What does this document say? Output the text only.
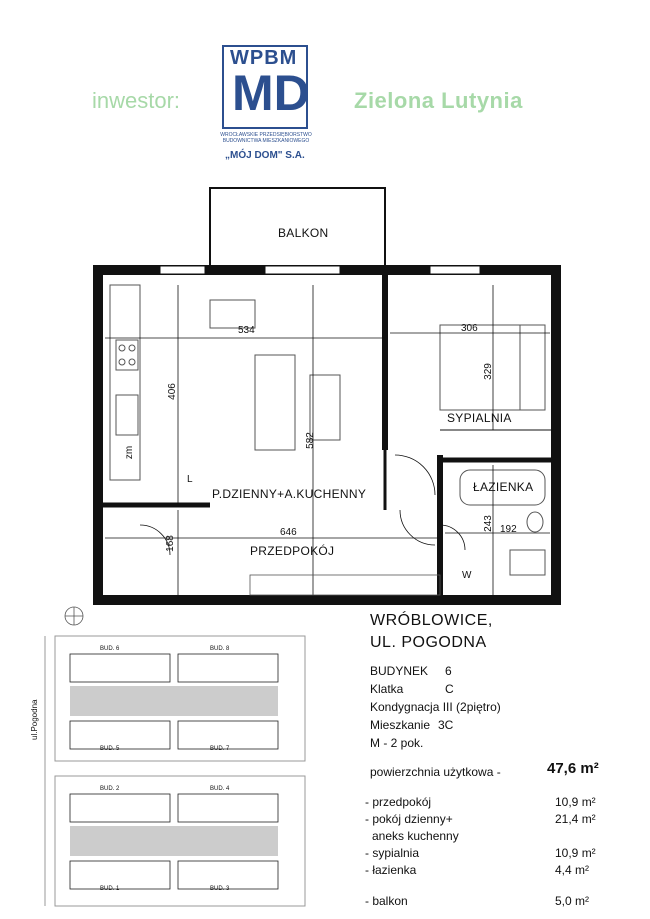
inwestor:	Zielona Lutynia
WPBM
MD
WROCŁAWSKIE PRZEDSIĘBIORSTWO BUDOWNICTWA MIESZKANIOWEGO
„MÓJ DOM" S.A.
BALKON
P.DZIENNY+A.KUCHENNY
PRZEDPOKÓJ
SYPIALNIA
ŁAZIENKA
534
406
582
646
168
306
329
243 192
zm
L
W
ul.Pogodna
BUD. 6	BUD. 8
BUD. 5	BUD. 7
BUD. 2	BUD. 4
BUD. 1	BUD. 3
WRÓBLOWICE,
UL. POGODNA
BUDYNEK 6
Klatka	C
Kondygnacja III (2piętro)
Mieszkanie 3C
M - 2 pok.
powierzchnia użytkowa -	47,6 m²
- przedpokój	10,9 m²
- pokój dzienny+	21,4 m²
aneks kuchenny
- sypialnia	10,9 m²
- łazienka	4,4 m²
- balkon	5,0 m²
